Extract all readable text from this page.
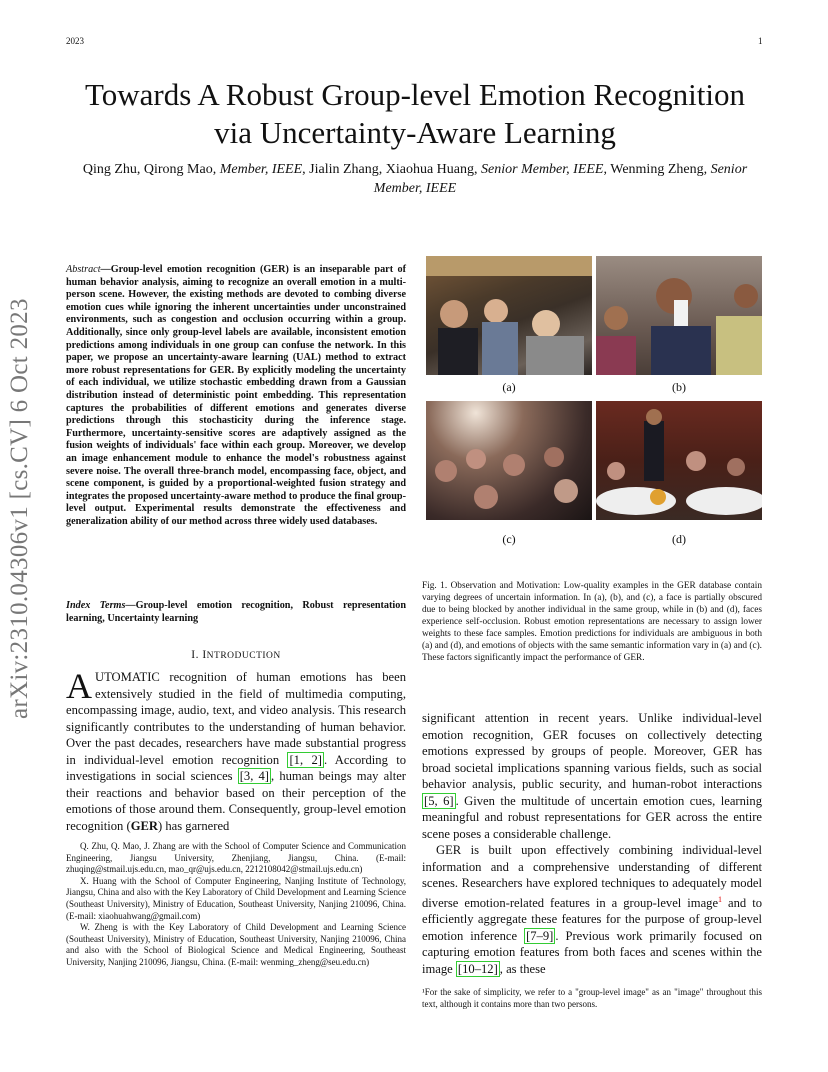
2023	1
arXiv:2310.04306v1 [cs.CV] 6 Oct 2023
Towards A Robust Group-level Emotion Recognition via Uncertainty-Aware Learning
Qing Zhu, Qirong Mao, Member, IEEE, Jialin Zhang, Xiaohua Huang, Senior Member, IEEE, Wenming Zheng, Senior Member, IEEE
Abstract—Group-level emotion recognition (GER) is an inseparable part of human behavior analysis, aiming to recognize an overall emotion in a multi-person scene. However, the existing methods are devoted to combing diverse emotion cues while ignoring the inherent uncertainties under unconstrained environments, such as congestion and occlusion occurring within a group. Additionally, since only group-level labels are available, inconsistent emotion predictions among individuals in one group can confuse the network. In this paper, we propose an uncertainty-aware learning (UAL) method to extract more robust representations for GER. By explicitly modeling the uncertainty of each individual, we utilize stochastic embedding drawn from a Gaussian distribution instead of deterministic point embedding. This representation captures the probabilities of different emotions and generates diverse predictions through this stochasticity during the inference stage. Furthermore, uncertainty-sensitive scores are adaptively assigned as the fusion weights of individuals' face within each group. Moreover, we develop an image enhancement module to enhance the model's robustness against severe noise. The overall three-branch model, encompassing face, object, and scene component, is guided by a proportional-weighted fusion strategy and integrates the proposed uncertainty-aware method to produce the final group-level output. Experimental results demonstrate the effectiveness and generalization ability of our method across three widely used databases.
Index Terms—Group-level emotion recognition, Robust representation learning, Uncertainty learning
I. INTRODUCTION
AUTOMATIC recognition of human emotions has been extensively studied in the field of multimedia computing, encompassing image, audio, text, and video analysis. This research significantly contributes to the understanding of human behavior. Over the past decades, researchers have made substantial progress in individual-level emotion recognition [1, 2] . According to investigations in social sciences [3, 4] , human beings may alter their reactions and behavior based on their perception of the emotions of those around them. Consequently, group-level emotion recognition (GER) has garnered

Q. Zhu, Q. Mao, J. Zhang are with the School of Computer Science and Communication Engineering, Jiangsu University, Zhenjiang, Jiangsu, China. (E-mail: zhuqing@stmail.ujs.edu.cn, mao_qr@ujs.edu.cn, 2212108042@stmail.ujs.edu.cn)

X. Huang with the School of Computer Engineering, Nanjing Institute of Technology, Jiangsu, China and also with the Key Laboratory of Child Development and Learning Science (Southeast University), Ministry of Education, Southeast University, Nanjing 210096, China. (E-mail: xiaohuahwang@gmail.com)

W. Zheng is with the Key Laboratory of Child Development and Learning Science (Southeast University), Ministry of Education, Southeast University, Nanjing 210096, China and also with the School of Biological Science and Medical Engineering, Southeast University, Nanjing 210096, Jiangsu, China. (E-mail: wenming_zheng@seu.edu.cn)

(a)	(b)
(c)	(d)
Fig. 1. Observation and Motivation: Low-quality examples in the GER database contain varying degrees of uncertain information. In (a), (b), and (c), a face is partially obscured due to being blocked by another individual in the same group, while in (b) and (d), faces experience self-occlusion. Robust emotion representations are necessary to assign lower weights to these face samples. Emotion predictions for individuals are ambiguous in both (a) and (d), and emotions of objects with the same semantic information vary in (a) and (c). These factors significantly impact the performance of GER.

significant attention in recent years. Unlike individual-level emotion recognition, GER focuses on collectively detecting emotions expressed by groups of people. Moreover, GER has broad societal implications spanning various fields, such as social behavior analysis, public security, and human-robot interactions [5, 6] . Given the multitude of uncertain emotion cues, learning meaningful and robust representations for GER across the entire scene poses a considerable challenge.

GER is built upon effectively combining individual-level information and a comprehensive understanding of different scenes. Researchers have explored techniques to adequately model diverse emotion-related features in a group-level image$^1$ and to efficiently aggregate these features for the purpose of group-level emotion inference [7–9] . Previous work primarily focused on capturing emotion features from both faces and scenes within the image [10–12] , as these

¹For the sake of simplicity, we refer to a "group-level image" as an "image" throughout this text, although it contains more than two persons.
